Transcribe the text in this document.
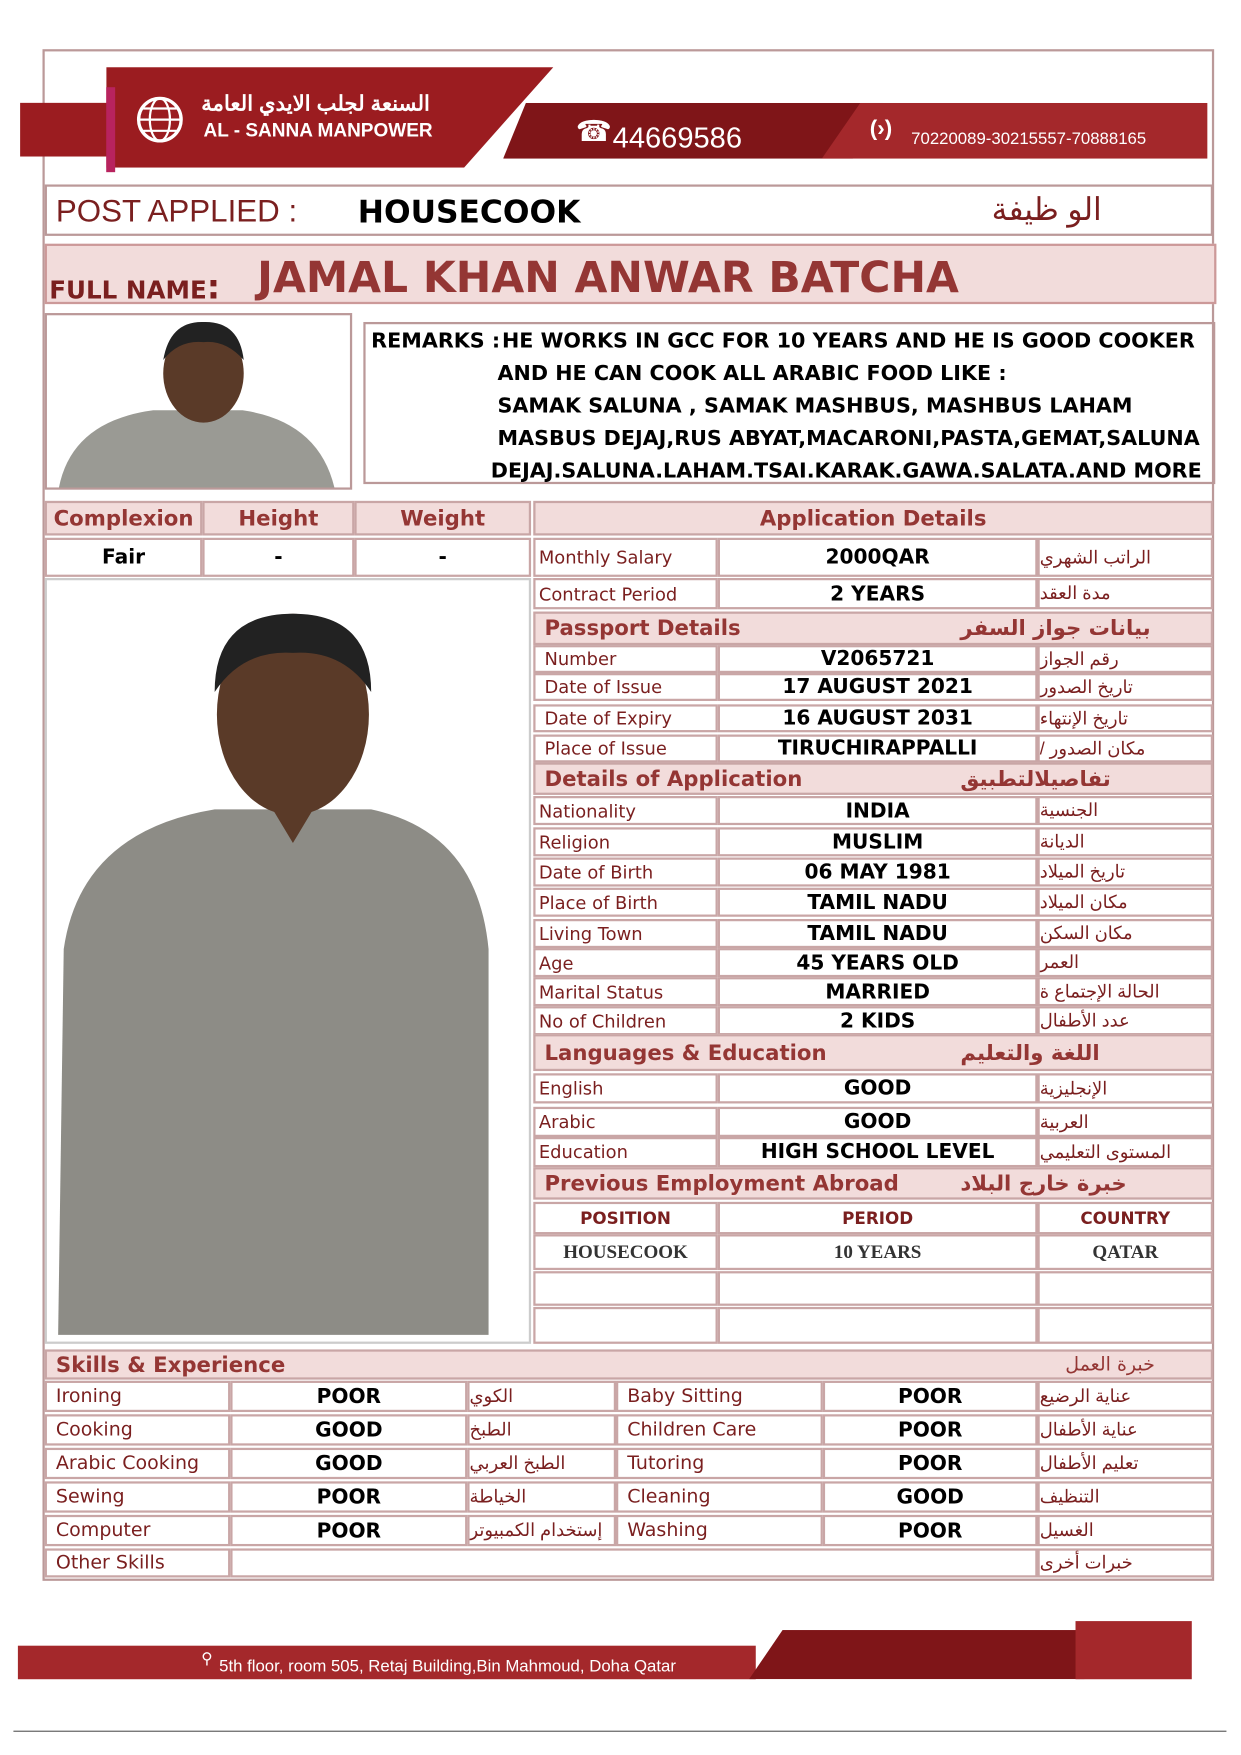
السنعة لجلب الايدي العامة
AL - SANNA MANPOWER	☎ 44669586	(›) 70220089-30215557-70888165
POST APPLIED : HOUSECOOK	الو ظيفة
FULL NAME: JAMAL KHAN ANWAR BATCHA
REMARKS : HE WORKS IN GCC FOR 10 YEARS AND HE IS GOOD COOKER
AND HE CAN COOK ALL ARABIC FOOD LIKE :
SAMAK SALUNA , SAMAK MASHBUS, MASHBUS LAHAM
MASBUS DEJAJ,RUS ABYAT,MACARONI,PASTA,GEMAT,SALUNA
DEJAJ.SALUNA.LAHAM.TSAI.KARAK.GAWA.SALATA.AND MORE
Complexion Height	Weight
Fair	-	-
Application Details
Monthly Salary	2000QAR	الراتب الشهري
Contract Period	2 YEARS	مدة العقد
Passport Details	بيانات جواز السفر
Number	V2065721	رقم الجواز
Date of Issue	17 AUGUST 2021	تاريخ الصدور
Date of Expiry	16 AUGUST 2031	تاريخ الإنتهاء
Place of Issue	TIRUCHIRAPPALLI	مكان الصدور /
Details of Application	تفاصيلالتطبيق
Nationality	INDIA	الجنسية
Religion	MUSLIM	الديانة
Date of Birth	06 MAY 1981	تاريخ الميلاد
Place of Birth	TAMIL NADU	مكان الميلاد
Living Town	TAMIL NADU	مكان السكن
Age	45 YEARS OLD	العمر
Marital Status	MARRIED	الحالة الإجتماع ة
No of Children	2 KIDS	عدد الأطفال
Languages & Education	اللغة والتعليم
English	GOOD	الإنجليزية
Arabic	GOOD	العربية
Education	HIGH SCHOOL LEVEL	المستوى التعليمي
Previous Employment Abroad	خبرة خارج البلاد
POSITION	PERIOD	COUNTRY
HOUSECOOK	10 YEARS	QATAR
Skills & Experience	خبرة العمل
Ironing	POOR	الكوي	Baby Sitting	POOR	عناية الرضيع
Cooking	GOOD	الطبخ	Children Care	POOR	عناية الأطفال
Arabic Cooking	GOOD	الطبخ العربي	Tutoring	POOR	تعليم الأطفال
Sewing	POOR	الخياطة	Cleaning	GOOD	التنظيف
Computer	POOR	إستخدام الكمبيوتر Washing	POOR	الغسيل
Other Skills	خبرات أخرى
⚲ 5th floor, room 505, Retaj Building,Bin Mahmoud, Doha Qatar
